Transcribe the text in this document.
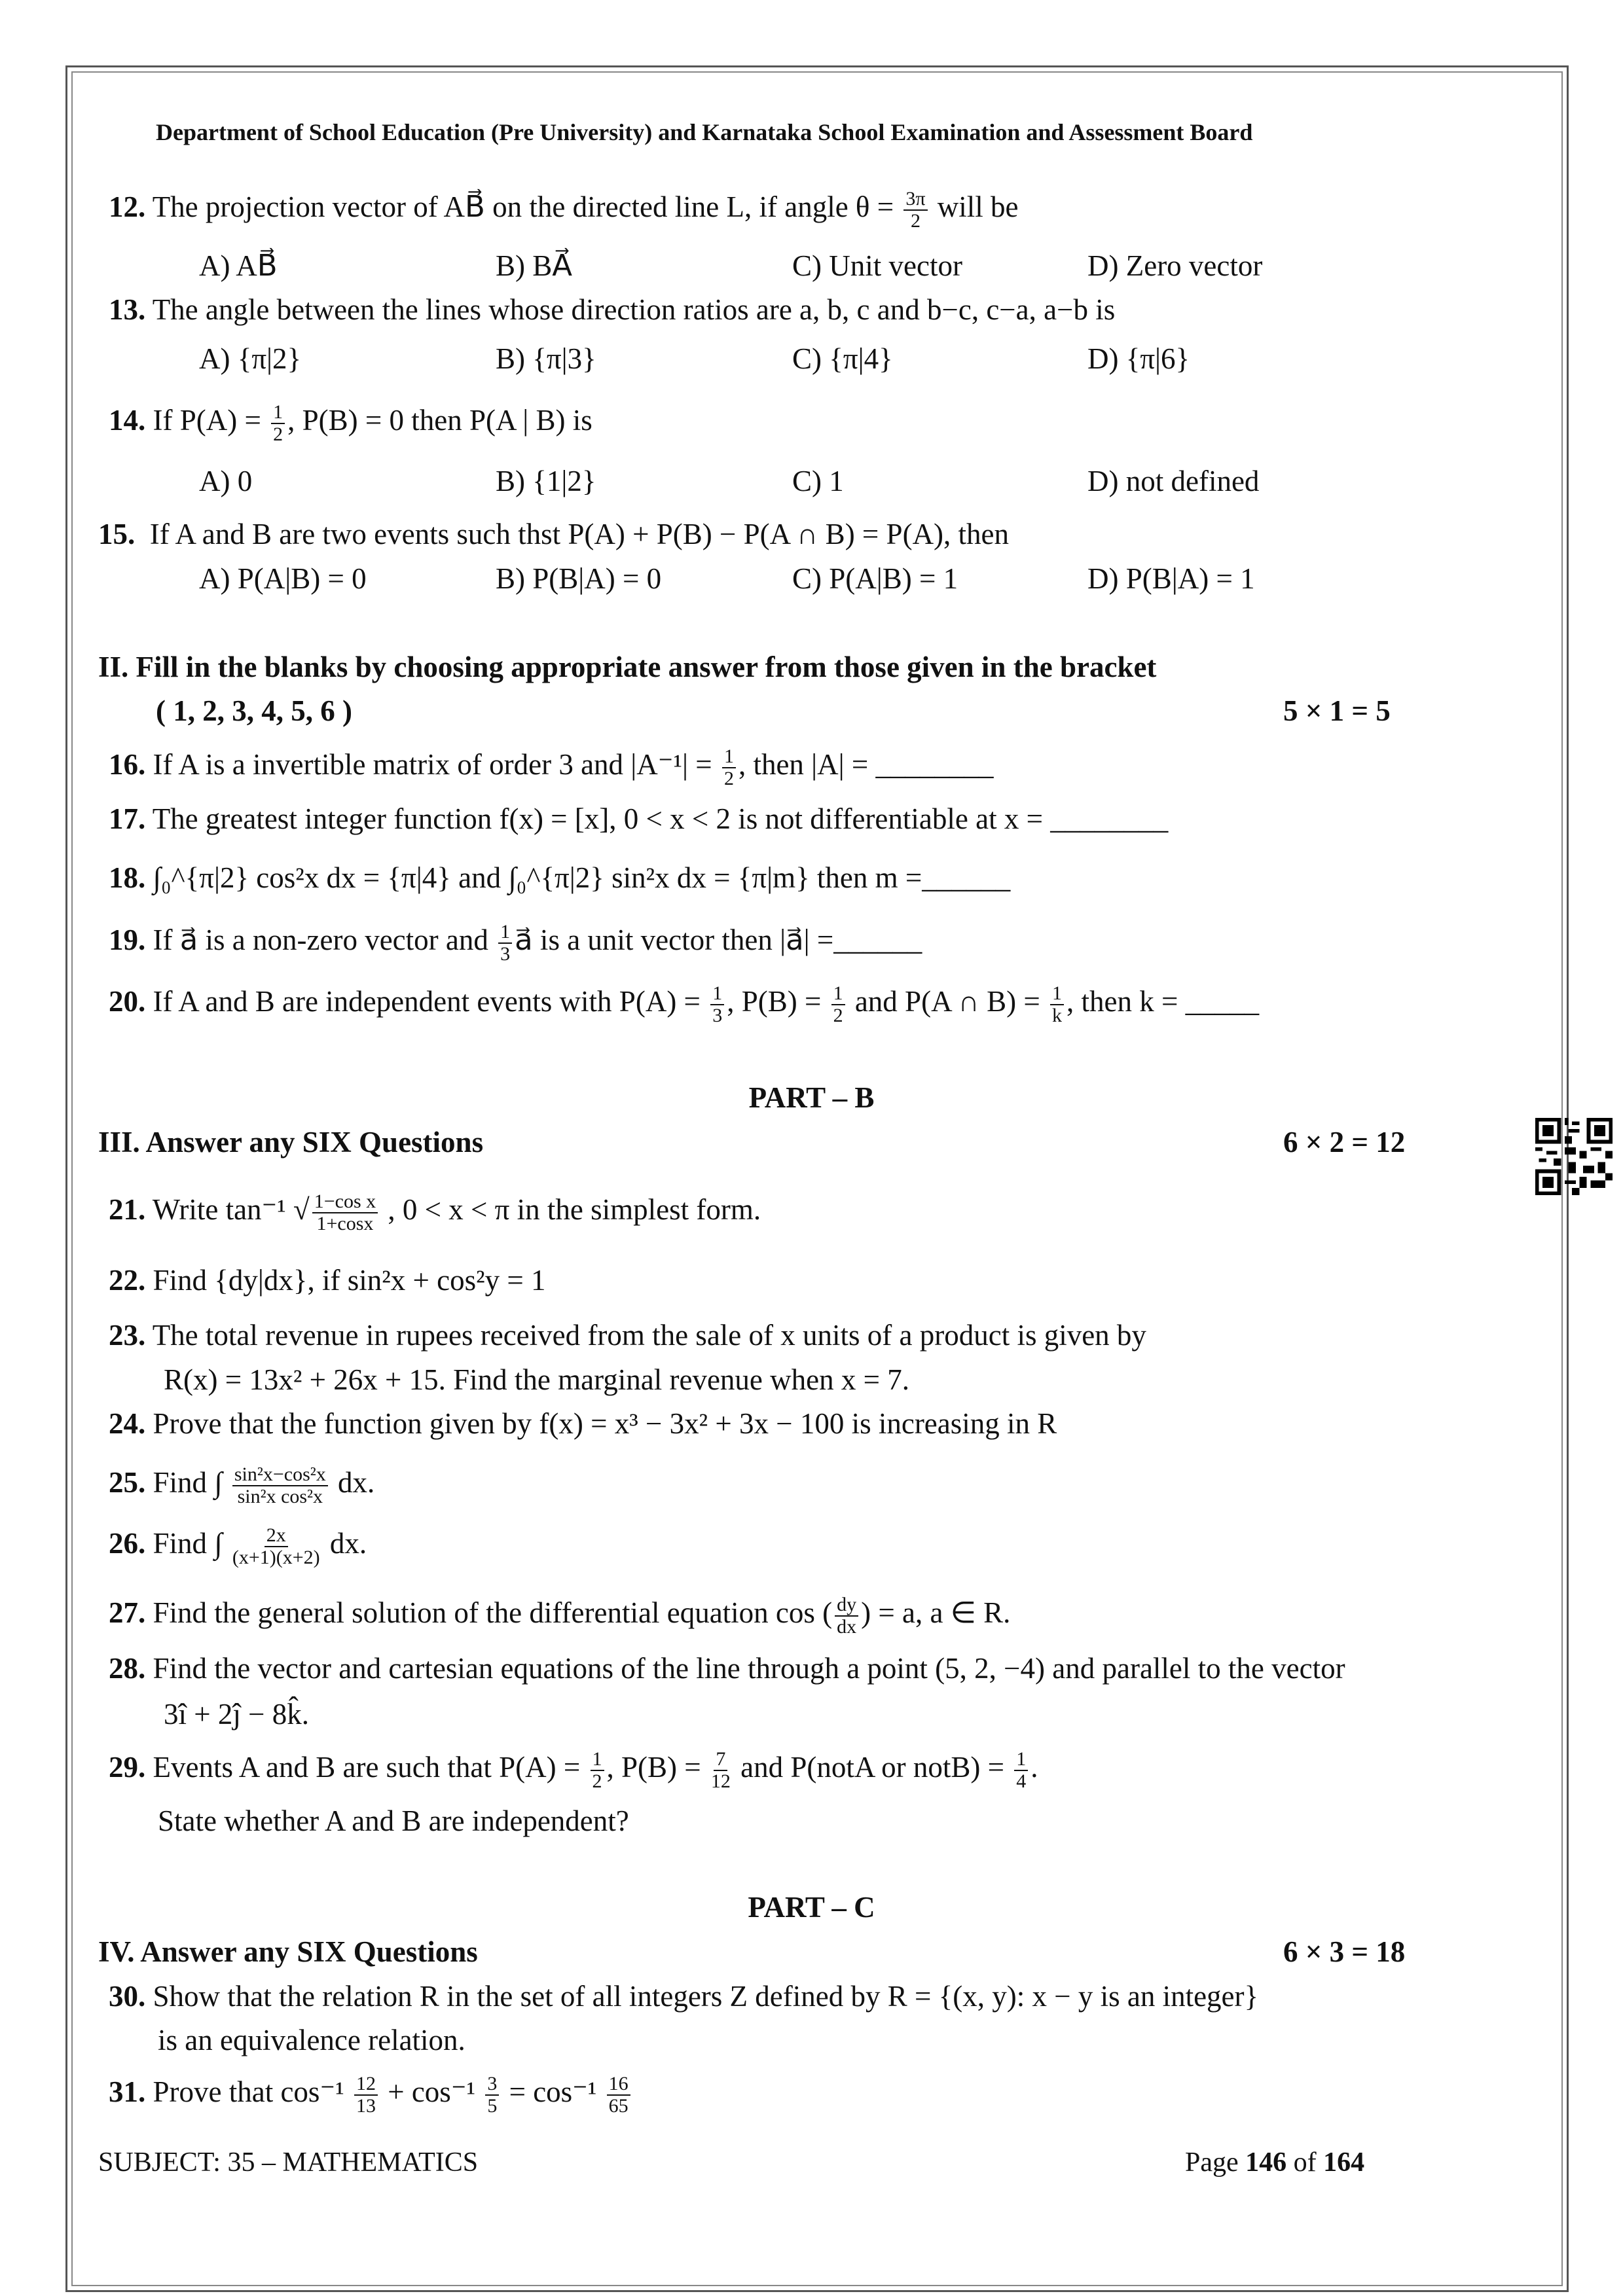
Department of School Education (Pre University) and Karnataka School Examination and Assessment Board
12. The projection vector of AB⃗ on the directed line L, if angle $\theta = \frac{3\pi}{2}$ will be
A) AB⃗	B) BA⃗	C) Unit vector	D) Zero vector
13. The angle between the lines whose direction ratios are a, b, c and b−c, c−a, a−b is
A) {π|2}	B) {π|3}	C) {π|4}	D) {π|6}
14. If $P(A) = \frac{1}{2}$ , P(B) = 0 then P(A | B) is
A) 0	B) {1|2}	C) 1	D) not defined
15. If A and B are two events such thst P(A) + P(B) − P(A ∩ B) = P(A), then
A) P(A|B) = 0	B) P(B|A) = 0	C) P(A|B) = 1	D) P(B|A) = 1
II. Fill in the blanks by choosing appropriate answer from those given in the bracket
( 1, 2, 3, 4, 5, 6 )	5 × 1 = 5
16. If A is a invertible matrix of order 3 and $|A^{-1}| = \frac{1}{2}$ , then |A| = ________
17. The greatest integer function f(x) = [x], 0 < x < 2 is not differentiable at x = ________
18. ∫₀^{π|2} cos²x dx = {π|4} and ∫₀^{π|2} sin²x dx = {π|m} then m =______
19. If a⃗ is a non-zero vector and $\frac{1}{3}$ a⃗ is a unit vector then |a⃗| =______
20. If A and B are independent events with $P(A) = \frac{1}{3}$ , $P(B) = \frac{1}{2}$ and P(A ∩ $B) = \frac{1}{k}$ , then k = _____
PART – B
III. Answer any SIX Questions	6 × 2 = 12
21. Write tan⁻¹ √ $\frac{\text{1−cos x}}{1+\cos x}$ , 0 < x < π in the simplest form.
22. Find {dy|dx}, if sin²x + cos²y = 1
23. The total revenue in rupees received from the sale of x units of a product is given by
R(x) = 13x² + 26x + 15. Find the marginal revenue when x = 7.
24. Prove that the function given by f(x) = x³ − 3x² + 3x − 100 is increasing in R
25. Find ∫ $\frac{\text{sin²x−cos²x}}{\text{sin²x cos²x}}$ dx.
26. Find ∫ $\frac{2x}{(x+1)(x+2)}$ dx.
27. Find the general solution of the differential equation cos ( $\frac{dy}{dx}$ ) = a, a ∈ R.
28. Find the vector and cartesian equations of the line through a point (5, 2, −4) and parallel to the vector
3î + 2ĵ − 8k̂.
29. Events A and B are such that $P(A) = \frac{1}{2}$ , $P(B) = \frac{7}{12}$ and P(notA or notB) = $\frac{1}{4}$ .
State whether A and B are independent?
PART – C
IV. Answer any SIX Questions	6 × 3 = 18
30. Show that the relation R in the set of all integers Z defined by R = {(x, y): x − y is an integer}
is an equivalence relation.
31. Prove that $\cos^{-1} \frac{12}{13} + \cos^{-1} \frac{3}{5} = \cos^{-1} \frac{16}{65}$
SUBJECT: 35 – MATHEMATICS	Page 146 of 164
